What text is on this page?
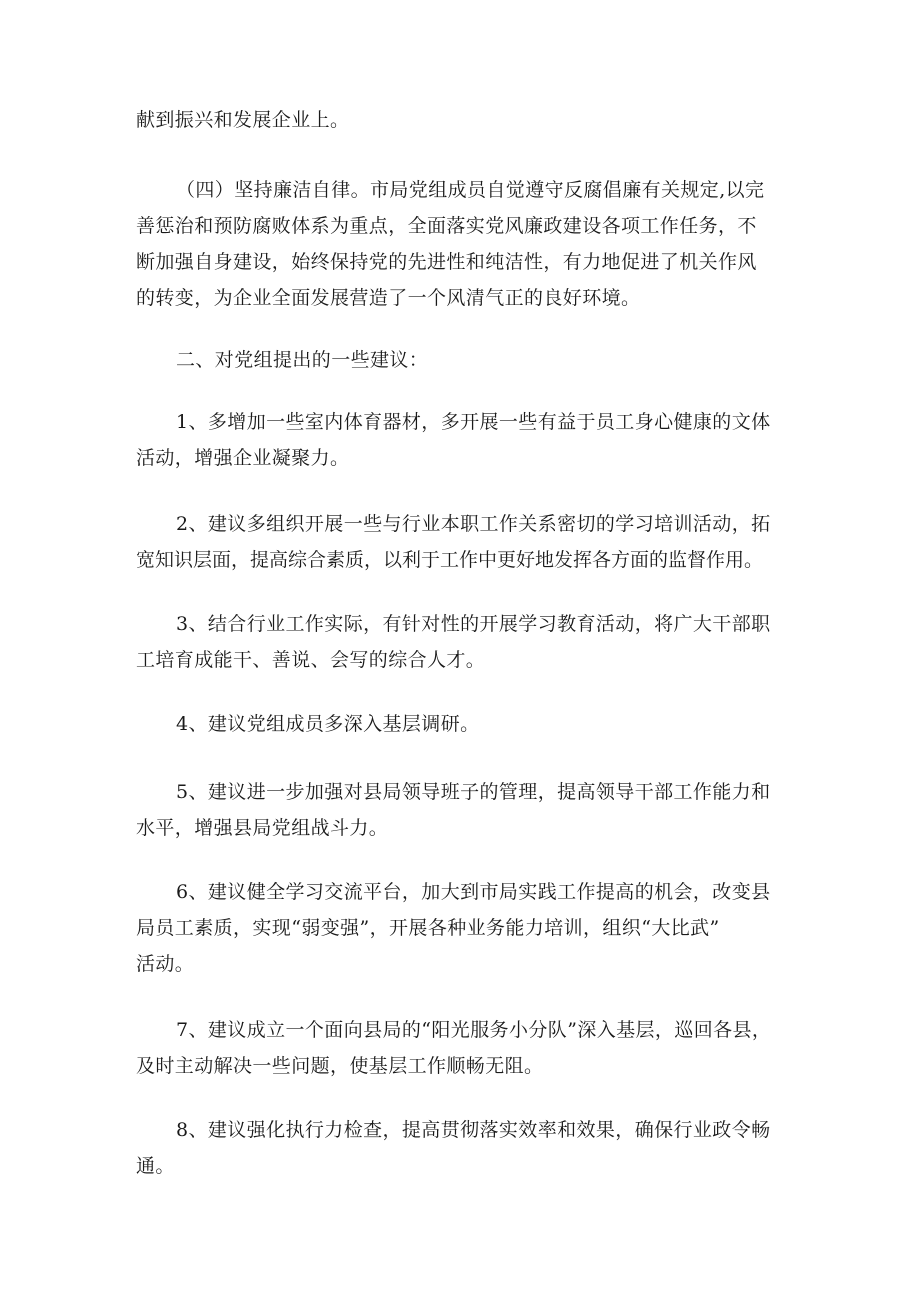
献到振兴和发展企业上。
（四）坚持廉洁自律。市局党组成员自觉遵守反腐倡廉有关规定,以完
善惩治和预防腐败体系为重点，全面落实党风廉政建设各项工作任务，不
断加强自身建设，始终保持党的先进性和纯洁性，有力地促进了机关作风
的转变，为企业全面发展营造了一个风清气正的良好环境。
二、对党组提出的一些建议：
1、多增加一些室内体育器材，多开展一些有益于员工身心健康的文体
活动，增强企业凝聚力。
2、建议多组织开展一些与行业本职工作关系密切的学习培训活动，拓
宽知识层面，提高综合素质，以利于工作中更好地发挥各方面的监督作用。
3、结合行业工作实际，有针对性的开展学习教育活动，将广大干部职
工培育成能干、善说、会写的综合人才。
4、建议党组成员多深入基层调研。
5、建议进一步加强对县局领导班子的管理，提高领导干部工作能力和
水平，增强县局党组战斗力。
6、建议健全学习交流平台，加大到市局实践工作提高的机会，改变县
局员工素质，实现“弱变强”，开展各种业务能力培训，组织“大比武”
活动。
7、建议成立一个面向县局的“阳光服务小分队”深入基层，巡回各县，
及时主动解决一些问题，使基层工作顺畅无阻。
8、建议强化执行力检查，提高贯彻落实效率和效果，确保行业政令畅
通。
